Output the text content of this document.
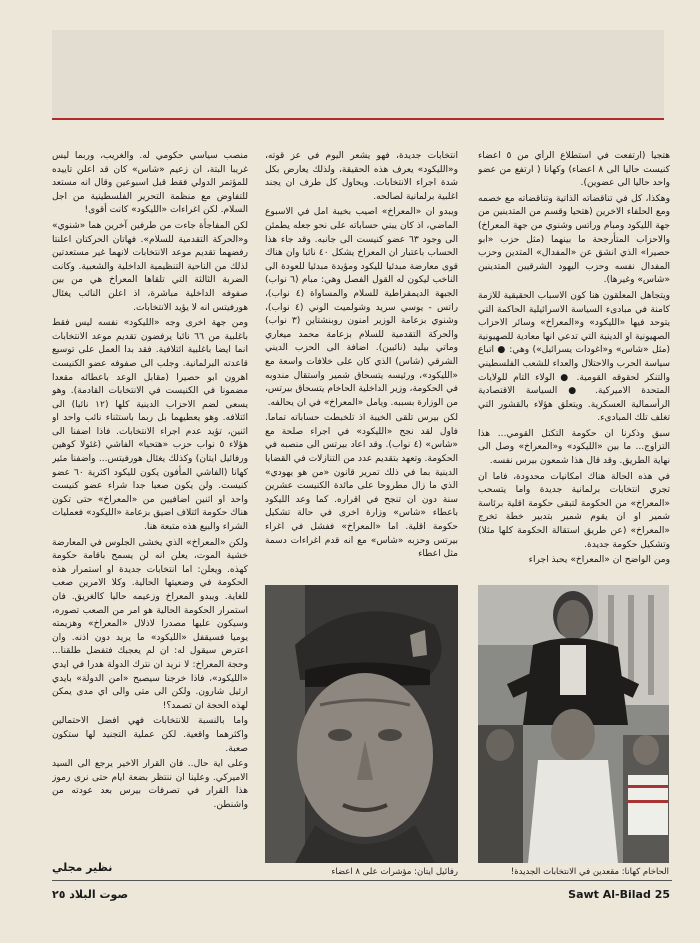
هتجيا (ارتفعت في استطلاع الرأي من ٥ اعضاء كنيست حاليا الى ٨ اعضاء) وكهانا ( ارتفع من عضو واحد حاليا الى عضوين).

وهكذا، كل في تناقضاته الذاتية وتناقضاته مع خصمه ومع الحلفاء الاخرين (هتحيا وقسم من المتدينين من جهة الليكود ومبام وراتس وشنوي من جهة المعراخ) والاحزاب المتأرجحة ما بينهما (مثل حزب «ابو حصيرا» الذي انشق عن «المفدال» المتدين وحزب المفدال نفسه وحزب اليهود الشرقيين المتدينين «شاس» وغيرها).

ويتجاهل المعلقون هنا كون الاسباب الحقيقية للازمة كامنة في مبادىء السياسة الاسرائيلية الحاكمة التي يتوحد فيها «الليكود» و«المعراخ» وسائر الاحزاب الصهيونية او الدينية التي تدعي انها معادية للصهيونية (مثل «شاس» و«اغودات يسرائيل») وهي: ● اتباع سياسة الحرب والاحتلال والعداء للشعب الفلسطيني والتنكر لحقوقه القومية. ● الولاء التام للولايات المتحدة الاميركية. ● السياسة الاقتصادية الرأسمالية العسكرية. ويتعلق هؤلاء بالقشور التي تغلف تلك المبادىء.

سبق وذكرنا ان حكومة التكتل القومي... هذا التزاوج... ما بين «الليكود» و«المعراخ» وصل الى نهاية الطريق. وقد قال هذا شمعون بيرس نفسه.

في هذه الحالة هناك امكانيات محدودة، فاما ان تجري انتخابات برلمانية جديدة واما يتسحب «المعراخ» من الحكومة لتبقى حكومة اقلية برئاسة شمير او ان يقوم شمير بتدبير خطة تخرج «المعراخ» (عن طريق استقالة الحكومة كلها مثلا) وتشكيل حكومة جديدة.

ومن الواضح ان «المعراخ» يحبذ اجراء

انتخابات جديدة، فهو يشعر اليوم في عز قوته، و«الليكود» يعرف هذه الحقيقة، ولذلك يعارض بكل شدة اجراء الانتخابات. ويحاول كل طرف ان يجند اغلبية برلمانية لصالحه.

ويبدو ان «المعراخ» اصيب بخيبة امل في الاسبوع الماضي، اذ كان يبني حساباته على نحو جعله يطمئن الى وجود ٦٣ عضو كنيست الى جانبه. وقد جاء هذا الحساب باعتبار ان المعراخ يشكل ٤٠ نائبا وان هناك قوى معارضة مبدئيا لليكود ومؤيدة مبدئيا للعودة الى الناخب ليكون له القول الفصل وهي: مبام (٦ نواب) الجبهة الديمقراطية للسلام والمساواة (٤ نواب)، راتس - يوسي سريد وشولميت الوني (٤ نواب)، وشنوي بزعامة الوزير امنون روبنشتاين (٣ نواب) والحركة التقدمية للسلام بزعامة محمد ميعاري وماتي بيليد (نائبين). اضافة الى الحزب الديني الشرقي (شاس) الذي كان على خلافات واسعة مع «الليكود»، ورئيسه يتسحاق شمير واستقال مندوبه في الحكومة، وزير الداخلية الحاخام يتسحاق بيرتس، من الوزارة بسببه. ويامل «المعراخ» في ان يحالفه.

لكن بيرس تلقى الخيبة اذ تلخبطت حساباته تماما. فاول لقد نجح «الليكود» في اجراء صلحة مع «شاس» (٤ نواب). وقد اعاد بيرتس الى منصبه في الحكومة. وتعهد بتقديم عدد من التنازلات في القضايا الدينية بما في ذلك تمرير قانون «من هو يهودي» الذي ما زال مطروحا على مائدة الكنيست عشرين سنة دون ان تنجح في اقراره. كما وعد الليكود باعطاء «شاس» وزارة اخرى في حالة تشكيل حكومة اقلية. اما «المعراخ» ففشل في اغراء بيرتس وحزبه «شاس» مع انه قدم اغراءات دسمة مثل اعطاء

منصب سياسي حكومي له. والغريب، وربما ليس غريبا البتة، ان زعيم «شاس» كان قد اعلن تاييده للمؤتمر الدولي فقط قبل اسبوعين وقال انه مستعد للتفاوض مع منظمة التحرير الفلسطينية من اجل السلام. لكن اغراءات «الليكود» كانت أقوى!

لكن المفاجأة جاءت من طرفين آخرين هما «شنوي» و«الحركة التقدمية للسلام». فهاتان الحركتان اعلنتا رفضهما تقديم موعد الانتخابات لانهما غير مستعدتين لذلك من الناحية التنظيمية الداخلية والشعبية. وكانت الضربة الثالثة التي تلقاها المعراخ هي من بين صفوفه الداخلية مباشرة، اذ اعلن النائب يغئال هورفيتس انه لا يؤيد الانتخابات.

ومن جهة اخرى وجه «الليكود» نفسه ليس فقط باغلبية من ٦٦ نائبا يرفضون تقديم موعد الانتخابات انما ايضا باغلبية ائتلافية. فقد بدا العمل على توسيع قاعدته البرلمانية. وجلب الى صفوفه عضو الكنيست اهرون ابو حصيرا (مقابل الوعد باعطائه مقعدا مضمونا في الكنيست في الانتخابات القادمة). وهو يسعى لضم الاحزاب الدينية كلها (١٢ نائبا) الى ائتلافه. وهو يعطيهما بل ربما باستثناء نائب واحد او اثنين، تؤيد عدم اجراء الانتخابات. فاذا اضفنا الى هؤلاء ٥ نواب حزب «هتحيا» الفاشي (غئولا كوهين ورفائيل ايتان) وكذلك يغئال هورفيتس... واضفنا مئير كهانا (الفاشي المأفون يكون لليكود اكثرية ٦٠ عضو كنيست. ولن يكون صعبا جدا شراء عضو كنيست واحد او اثنين اضافيين من «المعراخ» حتى تكون هناك حكومة ائتلاف اضيق بزعامة «الليكود» فعمليات الشراء والبيع هذه متبعة هنا.

ولكن «المعراخ» الذي يخشى الجلوس في المعارضة خشية الموت، يعلن انه لن يسمح باقامة حكومة كهذه. ويعلن: اما انتخابات جديدة او استمرار هذه الحكومة في وضعيتها الحالية. وكلا الامرين صعب للغاية. ويبدو المعراخ وزعيمه حاليا كالغريق. فان استمرار الحكومة الحالية هو امر من الصعب تصوره، وسيكون عليها مصدرا لاذلال «المعراخ» وهزيمته يوميا فسيقفل «الليكود» ما يريد دون اذنه. وان اعترض سيقول له: ان لم يعجبك فتفضل طلقنا... وحجة المعراخ: لا نريد ان نترك الدولة هدرا في ايدي «الليكود»، فاذا خرجنا سيصبح «امن الدولة» بايدي ارئيل شارون. ولكن الى متى والى اي مدى يمكن لهذه الحجة ان تصمد؟!

واما بالنسبة للانتخابات فهي افضل الاحتمالين واكثرهما واقعية. لكن عملية التجنيد لها ستكون صعبة.

وعلى اية حال.. فان القرار الاخير يرجع الى السيد الاميركي. وعلينا ان ننتظر بضعة ايام حتى نرى رموز هذا القرار في تصرفات بيرس بعد عودته من واشنطن.

الحاخام كهانا: مقعدين في الانتخابات الجديدة!
رفائيل ايتان: مؤشرات على ٨ اعضاء
نظير مجلي
صوت البلاد ٢٥	Sawt Al-Bilad 25
